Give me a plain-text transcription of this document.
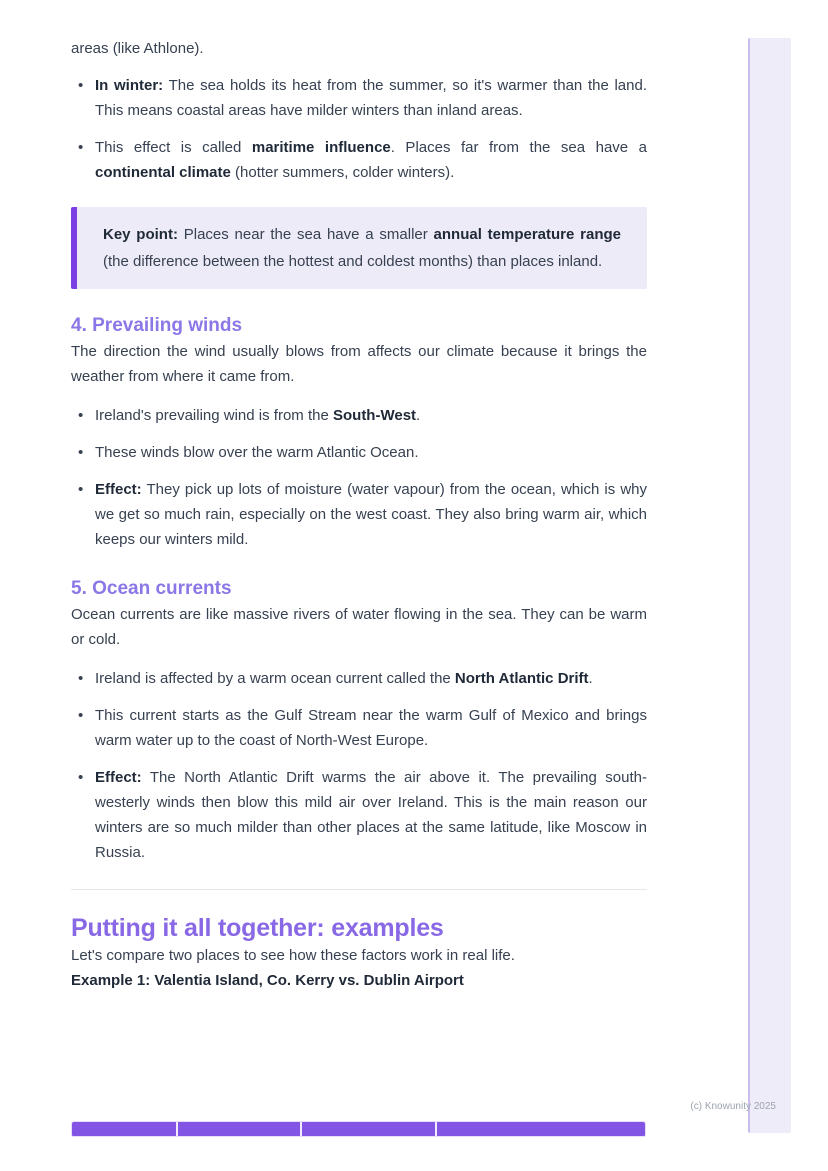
areas (like Athlone).

• In winter: The sea holds its heat from the summer, so it's warmer than the land. This means coastal areas have milder winters than inland areas.
• This effect is called maritime influence. Places far from the sea have a continental climate (hotter summers, colder winters).

Key point: Places near the sea have a smaller annual temperature range (the difference between the hottest and coldest months) than places inland.

4. Prevailing winds

The direction the wind usually blows from affects our climate because it brings the weather from where it came from.

• Ireland's prevailing wind is from the South-West.
• These winds blow over the warm Atlantic Ocean.
• Effect: They pick up lots of moisture (water vapour) from the ocean, which is why we get so much rain, especially on the west coast. They also bring warm air, which keeps our winters mild.
5. Ocean currents

Ocean currents are like massive rivers of water flowing in the sea. They can be warm or cold.

• Ireland is affected by a warm ocean current called the North Atlantic Drift.
• This current starts as the Gulf Stream near the warm Gulf of Mexico and brings warm water up to the coast of North-West Europe.
• Effect: The North Atlantic Drift warms the air above it. The prevailing south-westerly winds then blow this mild air over Ireland. This is the main reason our winters are so much milder than other places at the same latitude, like Moscow in Russia.
Putting it all together: examples

Let's compare two places to see how these factors work in real life.

Example 1: Valentia Island, Co. Kerry vs. Dublin Airport

(c) Knowunity 2025
